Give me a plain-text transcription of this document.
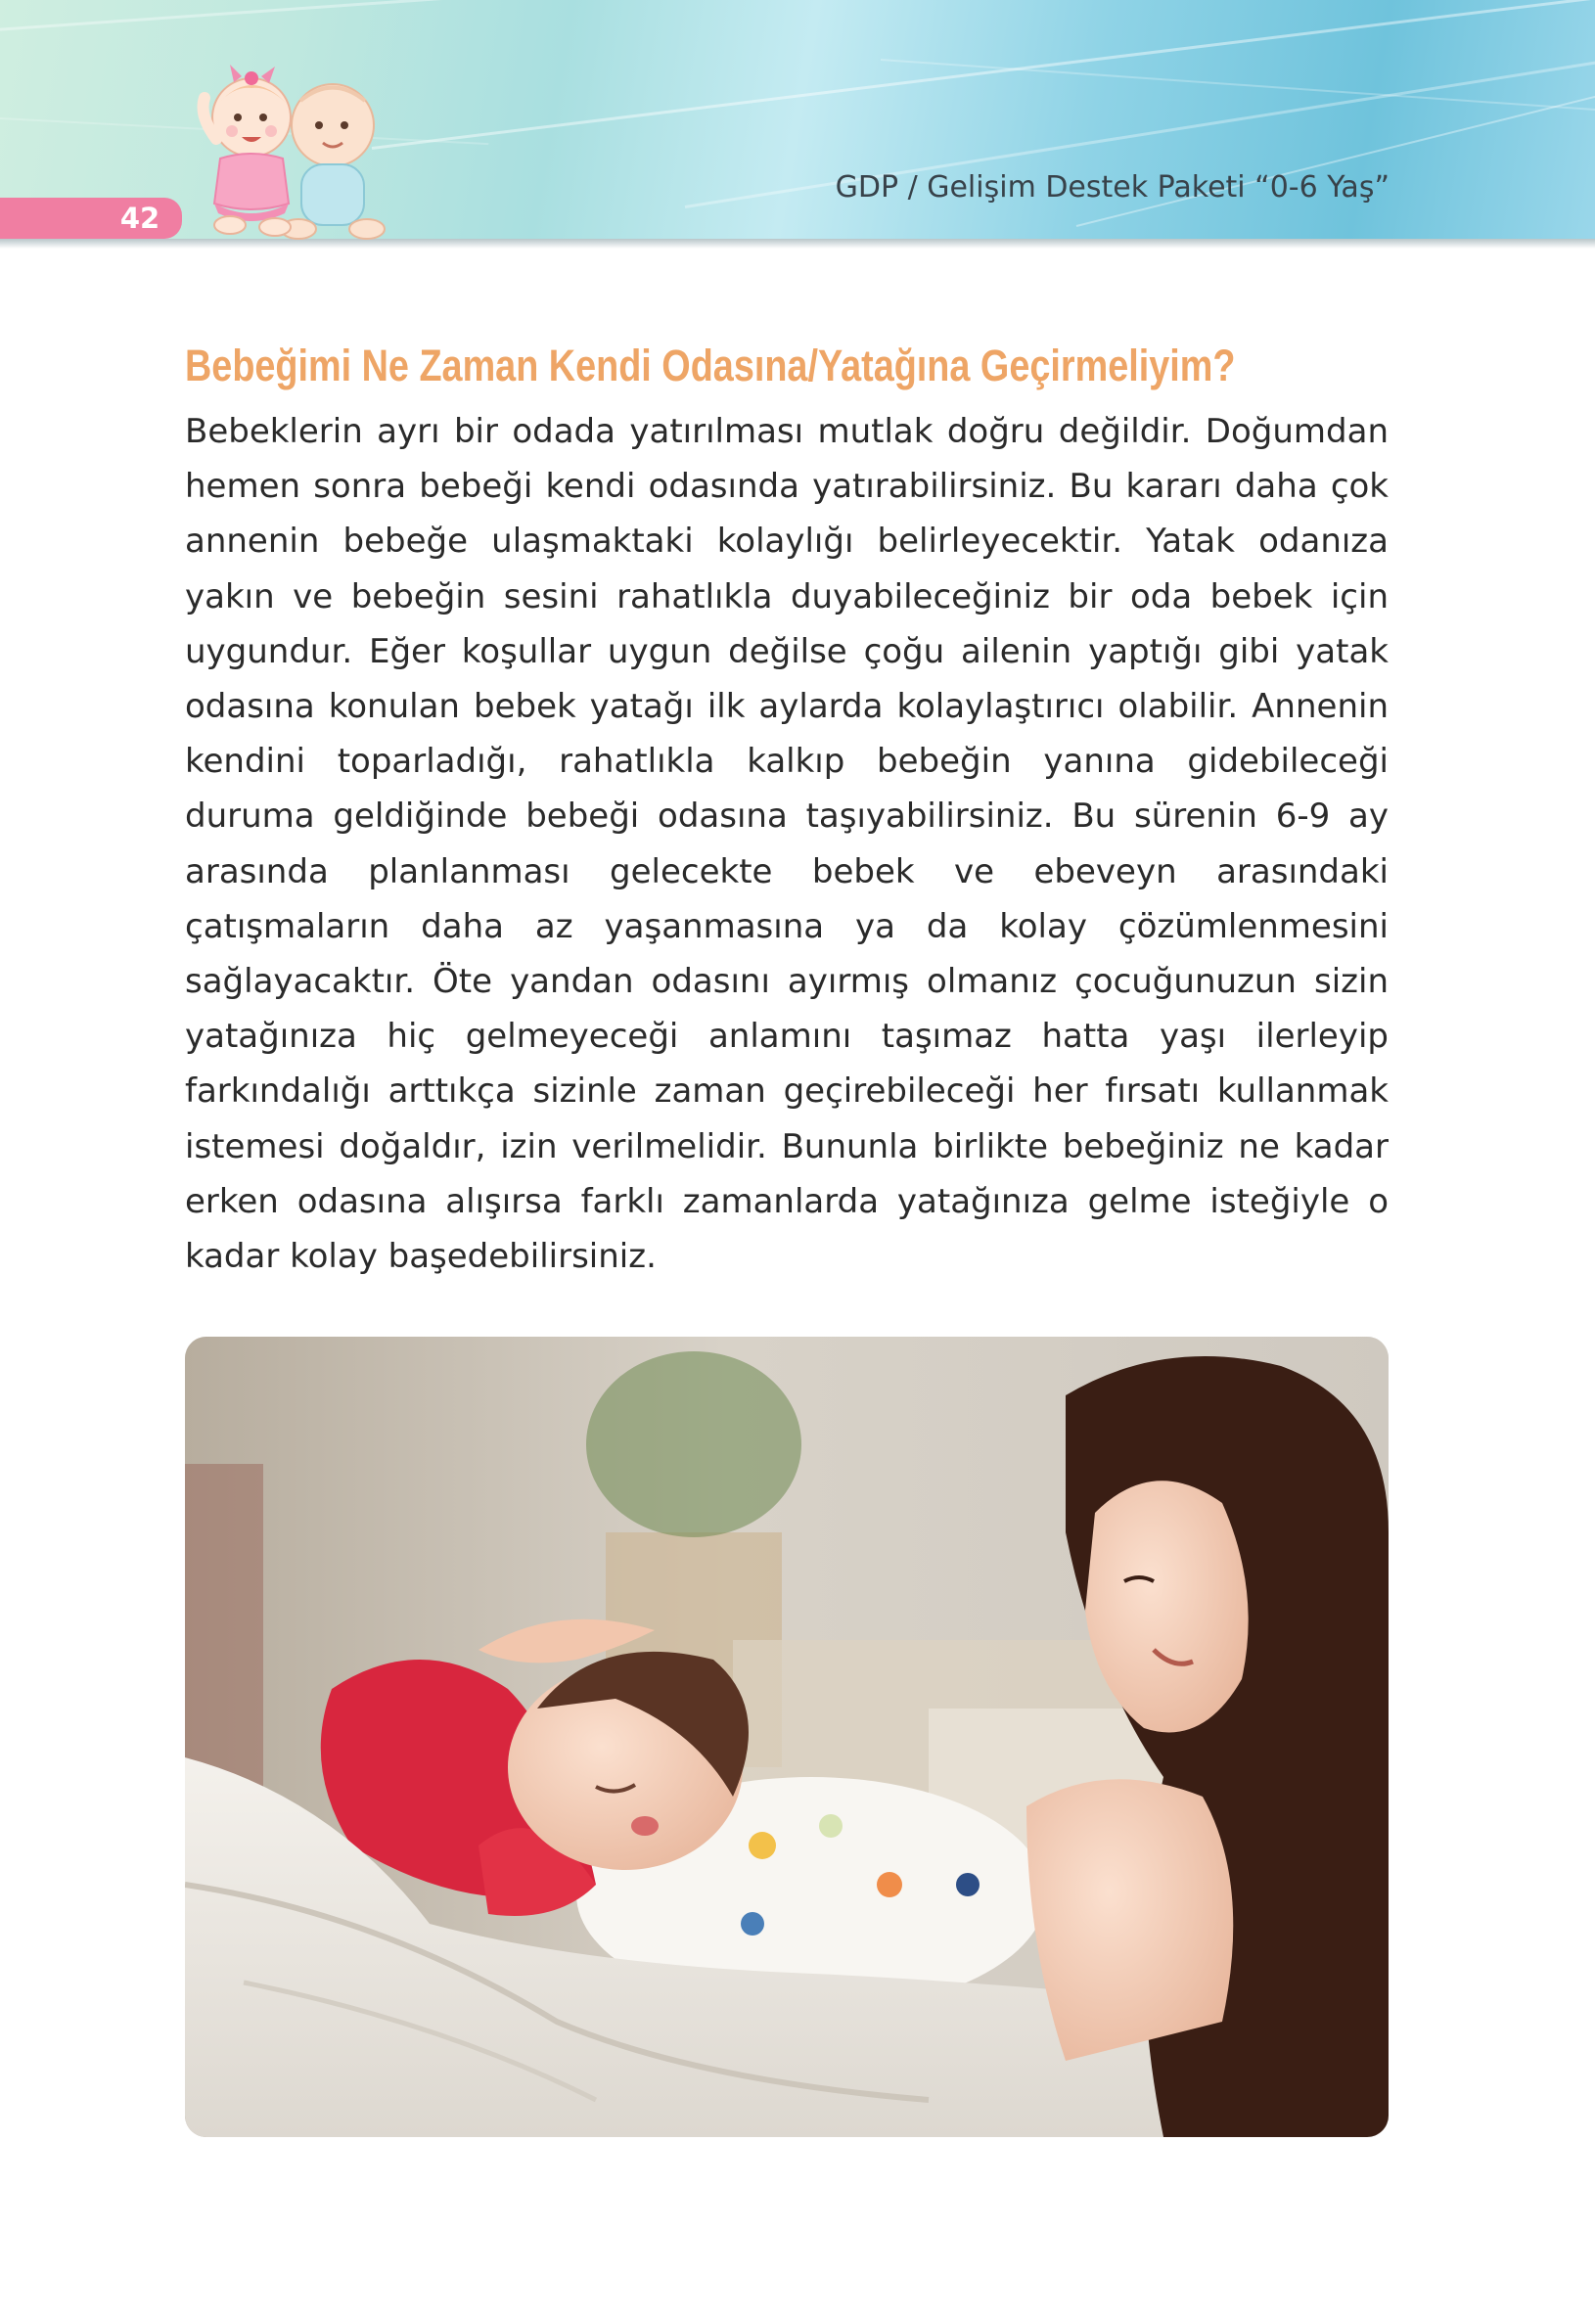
42
GDP / Gelişim Destek Paketi “0-6 Yaş”
Bebeğimi Ne Zaman Kendi Odasına/Yatağına Geçirmeliyim?
Bebeklerin ayrı bir odada yatırılması mutlak doğru değildir. Doğumdan hemen sonra bebeği kendi odasında yatırabilirsiniz. Bu kararı daha çok annenin bebeğe ulaşmaktaki kolaylığı belirleyecektir. Yatak odanıza yakın ve bebeğin sesini rahatlıkla duyabileceğiniz bir oda bebek için uygundur. Eğer koşullar uygun değilse çoğu ailenin yaptığı gibi yatak odasına konulan bebek yatağı ilk aylarda kolaylaştırıcı olabilir. Annenin kendini toparladığı, rahatlıkla kalkıp bebeğin yanına gidebileceği duruma geldiğinde bebeği odasına taşıyabilirsiniz. Bu sürenin 6-9 ay arasında planlanması gelecekte bebek ve ebeveyn arasındaki çatışmaların daha az yaşanmasına ya da kolay çözümlenmesini sağlayacaktır. Öte yandan odasını ayırmış olmanız çocuğunuzun sizin yatağınıza hiç gelmeyeceği anlamını taşımaz hatta yaşı ilerleyip farkındalığı arttıkça sizinle zaman geçirebileceği her fırsatı kullanmak istemesi doğaldır, izin verilmelidir. Bununla birlikte bebeğiniz ne kadar erken odasına alışırsa farklı zamanlarda yatağınıza gelme isteğiyle o kadar kolay başedebilirsiniz.
